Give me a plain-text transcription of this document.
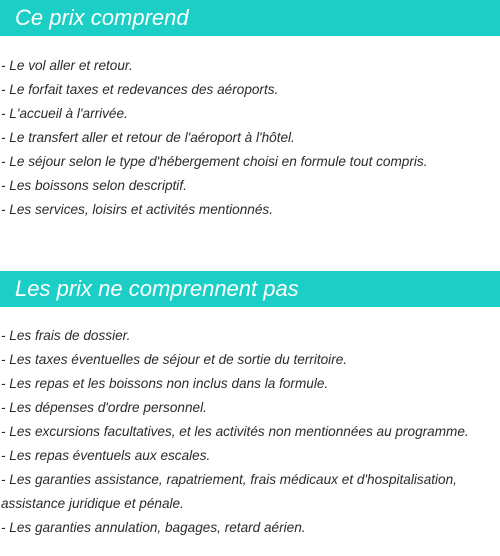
Ce prix comprend
- Le vol aller et retour.
- Le forfait taxes et redevances des aéroports.
- L'accueil à l'arrivée.
- Le transfert aller et retour de l'aéroport à l'hôtel.
- Le séjour selon le type d'hébergement choisi en formule tout compris.
- Les boissons selon descriptif.
- Les services, loisirs et activités mentionnés.
Les prix ne comprennent pas
- Les frais de dossier.
- Les taxes éventuelles de séjour et de sortie du territoire.
- Les repas et les boissons non inclus dans la formule.
- Les dépenses d'ordre personnel.
- Les excursions facultatives, et les activités non mentionnées au programme.
- Les repas éventuels aux escales.
- Les garanties assistance, rapatriement, frais médicaux et d'hospitalisation,
assistance juridique et pénale.
- Les garanties annulation, bagages, retard aérien.
